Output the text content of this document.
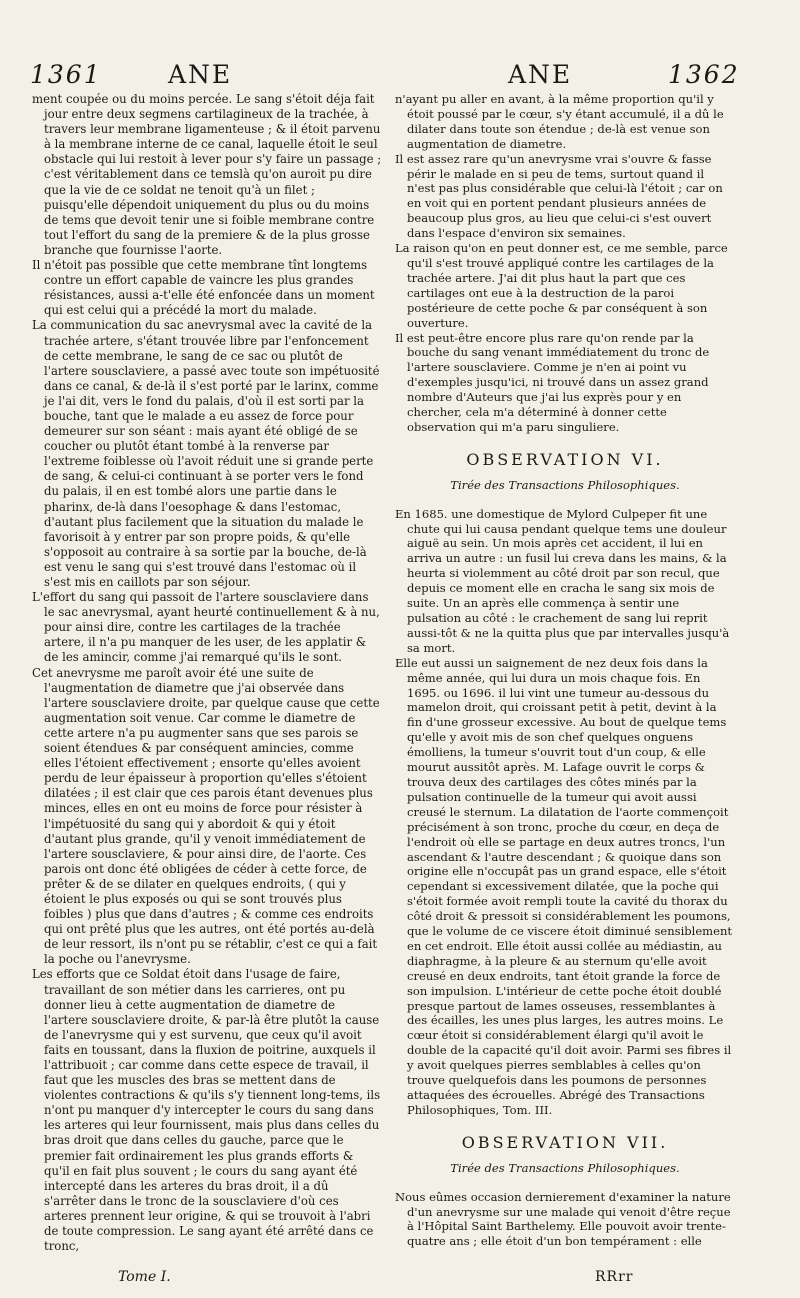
1361	ANE	ANE	1362

ment coupée ou du moins percée. Le sang s'étoit déja fait jour entre deux segmens cartilagineux de la trachée, à travers leur membrane ligamenteuse ; & il étoit parvenu à la membrane interne de ce canal, laquelle étoit le seul obstacle qui lui restoit à lever pour s'y faire un passage ; c'est véritablement dans ce temslà qu'on auroit pu dire que la vie de ce soldat ne tenoit qu'à un filet ; puisqu'elle dépendoit uniquement du plus ou du moins de tems que devoit tenir une si foible membrane contre tout l'effort du sang de la premiere & de la plus grosse branche que fournisse l'aorte.

Il n'étoit pas possible que cette membrane tînt longtems contre un effort capable de vaincre les plus grandes résistances, aussi a-t'elle été enfoncée dans un moment qui est celui qui a précédé la mort du malade.

La communication du sac anevrysmal avec la cavité de la trachée artere, s'étant trouvée libre par l'enfoncement de cette membrane, le sang de ce sac ou plutôt de l'artere sousclaviere, a passé avec toute son impétuosité dans ce canal, & de-là il s'est porté par le larinx, comme je l'ai dit, vers le fond du palais, d'où il est sorti par la bouche, tant que le malade a eu assez de force pour demeurer sur son séant : mais ayant été obligé de se coucher ou plutôt étant tombé à la renverse par l'extreme foiblesse où l'avoit réduit une si grande perte de sang, & celui-ci continuant à se porter vers le fond du palais, il en est tombé alors une partie dans le pharinx, de-là dans l'oesophage & dans l'estomac, d'autant plus facilement que la situation du malade le favorisoit à y entrer par son propre poids, & qu'elle s'opposoit au contraire à sa sortie par la bouche, de-là est venu le sang qui s'est trouvé dans l'estomac où il s'est mis en caillots par son séjour.

L'effort du sang qui passoit de l'artere sousclaviere dans le sac anevrysmal, ayant heurté continuellement & à nu, pour ainsi dire, contre les cartilages de la trachée artere, il n'a pu manquer de les user, de les applatir & de les amincir, comme j'ai remarqué qu'ils le sont.

Cet anevrysme me paroît avoir été une suite de l'augmentation de diametre que j'ai observée dans l'artere sousclaviere droite, par quelque cause que cette augmentation soit venue. Car comme le diametre de cette artere n'a pu augmenter sans que ses parois se soient étendues & par conséquent amincies, comme elles l'étoient effectivement ; ensorte qu'elles avoient perdu de leur épaisseur à proportion qu'elles s'étoient dilatées ; il est clair que ces parois étant devenues plus minces, elles en ont eu moins de force pour résister à l'impétuosité du sang qui y abordoit & qui y étoit d'autant plus grande, qu'il y venoit immédiatement de l'artere sousclaviere, & pour ainsi dire, de l'aorte. Ces parois ont donc été obligées de céder à cette force, de prêter & de se dilater en quelques endroits, ( qui y étoient le plus exposés ou qui se sont trouvés plus foibles ) plus que dans d'autres ; & comme ces endroits qui ont prêté plus que les autres, ont été portés au-delà de leur ressort, ils n'ont pu se rétablir, c'est ce qui a fait la poche ou l'anevrysme.

Les efforts que ce Soldat étoit dans l'usage de faire, travaillant de son métier dans les carrieres, ont pu donner lieu à cette augmentation de diametre de l'artere sousclaviere droite, & par-là être plutôt la cause de l'anevrysme qui y est survenu, que ceux qu'il avoit faits en toussant, dans la fluxion de poitrine, auxquels il l'attribuoit ; car comme dans cette espece de travail, il faut que les muscles des bras se mettent dans de violentes contractions & qu'ils s'y tiennent long-tems, ils n'ont pu manquer d'y intercepter le cours du sang dans les arteres qui leur fournissent, mais plus dans celles du bras droit que dans celles du gauche, parce que le premier fait ordinairement les plus grands efforts & qu'il en fait plus souvent ; le cours du sang ayant été intercepté dans les arteres du bras droit, il a dû s'arrêter dans le tronc de la sousclaviere d'où ces arteres prennent leur origine, & qui se trouvoit à l'abri de toute compression. Le sang ayant été arrêté dans ce tronc,

n'ayant pu aller en avant, à la même proportion qu'il y étoit poussé par le cœur, s'y étant accumulé, il a dû le dilater dans toute son étendue ; de-là est venue son augmentation de diametre.

Il est assez rare qu'un anevrysme vrai s'ouvre & fasse périr le malade en si peu de tems, surtout quand il n'est pas plus considérable que celui-là l'étoit ; car on en voit qui en portent pendant plusieurs années de beaucoup plus gros, au lieu que celui-ci s'est ouvert dans l'espace d'environ six semaines.

La raison qu'on en peut donner est, ce me semble, parce qu'il s'est trouvé appliqué contre les cartilages de la trachée artere. J'ai dit plus haut la part que ces cartilages ont eue à la destruction de la paroi postérieure de cette poche & par conséquent à son ouverture.

Il est peut-être encore plus rare qu'on rende par la bouche du sang venant immédiatement du tronc de l'artere sousclaviere. Comme je n'en ai point vu d'exemples jusqu'ici, ni trouvé dans un assez grand nombre d'Auteurs que j'ai lus exprès pour y en chercher, cela m'a déterminé à donner cette observation qui m'a paru singuliere.

OBSERVATION VI.
Tirée des Transactions Philosophiques.

En 1685. une domestique de Mylord Culpeper fit une chute qui lui causa pendant quelque tems une douleur aiguë au sein. Un mois après cet accident, il lui en arriva un autre : un fusil lui creva dans les mains, & la heurta si violemment au côté droit par son recul, que depuis ce moment elle en cracha le sang six mois de suite. Un an après elle commença à sentir une pulsation au côté : le crachement de sang lui reprit aussi-tôt & ne la quitta plus que par intervalles jusqu'à sa mort.

Elle eut aussi un saignement de nez deux fois dans la même année, qui lui dura un mois chaque fois. En 1695. ou 1696. il lui vint une tumeur au-dessous du mamelon droit, qui croissant petit à petit, devint à la fin d'une grosseur excessive. Au bout de quelque tems qu'elle y avoit mis de son chef quelques onguens émolliens, la tumeur s'ouvrit tout d'un coup, & elle mourut aussitôt après. M. Lafage ouvrit le corps & trouva deux des cartilages des côtes minés par la pulsation continuelle de la tumeur qui avoit aussi creusé le sternum. La dilatation de l'aorte commençoit précisément à son tronc, proche du cœur, en deça de l'endroit où elle se partage en deux autres troncs, l'un ascendant & l'autre descendant ; & quoique dans son origine elle n'occupât pas un grand espace, elle s'étoit cependant si excessivement dilatée, que la poche qui s'étoit formée avoit rempli toute la cavité du thorax du côté droit & pressoit si considérablement les poumons, que le volume de ce viscere étoit diminué sensiblement en cet endroit. Elle étoit aussi collée au médiastin, au diaphragme, à la pleure & au sternum qu'elle avoit creusé en deux endroits, tant étoit grande la force de son impulsion. L'intérieur de cette poche étoit doublé presque partout de lames osseuses, ressemblantes à des écailles, les unes plus larges, les autres moins. Le cœur étoit si considérablement élargi qu'il avoit le double de la capacité qu'il doit avoir. Parmi ses fibres il y avoit quelques pierres semblables à celles qu'on trouve quelquefois dans les poumons de personnes attaquées des écrouelles. Abrégé des Transactions Philosophiques, Tom. III.

OBSERVATION VII.
Tirée des Transactions Philosophiques.

Nous eûmes occasion dernierement d'examiner la nature d'un anevrysme sur une malade qui venoit d'être reçue à l'Hôpital Saint Barthelemy. Elle pouvoit avoir trente-quatre ans ; elle étoit d'un bon tempérament : elle

Tome I.	RRrr
